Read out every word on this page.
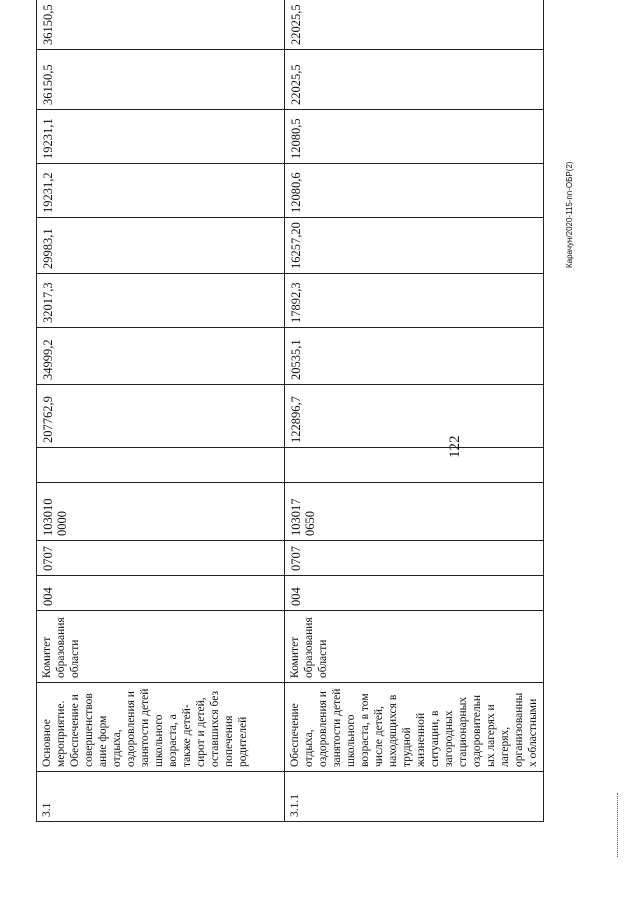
3.1	Основное мероприятие. Обеспечение и совершенствов ание форм отдыха, оздоровления и занятости детей школьного возраста, а также детей-сирот и детей, оставшихся без попечения родителей	Комитет образования области	004	0707	103010 0000		207762,9	34999,2	32017,3	29983,1	19231,2	19231,1	36150,5	36150,5
3.1.1	Обеспечение отдыха, оздоровления и занятости детей школьного возраста, в том числе детей, находящихся в трудной жизненной ситуации, в загородных стационарных оздоровительн ых лагерях и лагерях, организованны х областными	Комитет образования области	004	0707	103017 0650		122896,7	20535,1	17892,3	16257,20	12080,6	12080,5	22025,5	22025,5
122
Карачун/2020-115-пп-ОБР(2)
